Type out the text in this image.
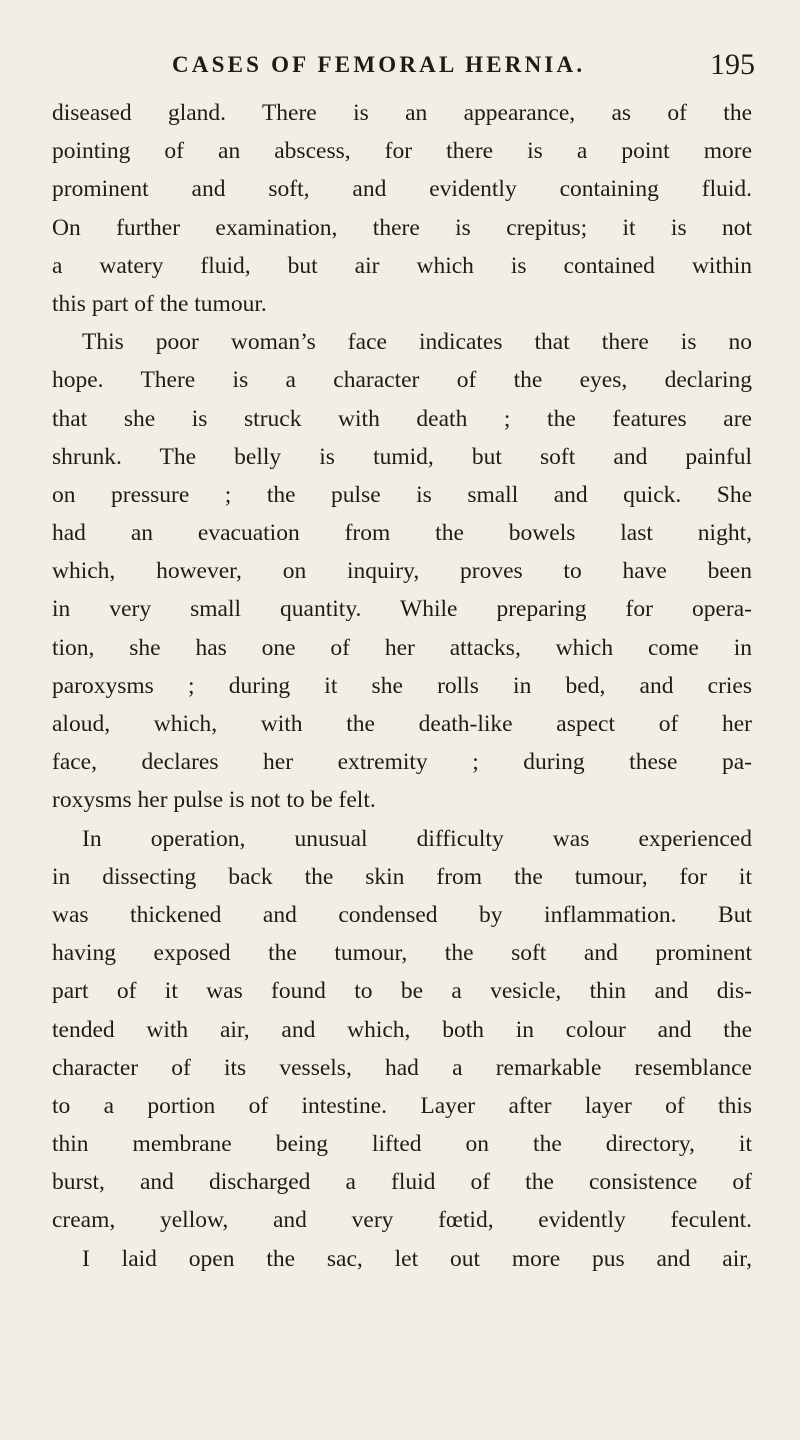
CASES OF FEMORAL HERNIA.	195
diseased gland. There is an appearance, as of the
pointing of an abscess, for there is a point more
prominent and soft, and evidently containing fluid.
On further examination, there is crepitus; it is not
a watery fluid, but air which is contained within
this part of the tumour.
This poor woman’s face indicates that there is no
hope. There is a character of the eyes, declaring
that she is struck with death ; the features are
shrunk. The belly is tumid, but soft and painful
on pressure ; the pulse is small and quick. She
had an evacuation from the bowels last night,
which, however, on inquiry, proves to have been
in very small quantity. While preparing for opera-
tion, she has one of her attacks, which come in
paroxysms ; during it she rolls in bed, and cries
aloud, which, with the death-like aspect of her
face, declares her extremity ; during these pa-
roxysms her pulse is not to be felt.
In operation, unusual difficulty was experienced
in dissecting back the skin from the tumour, for it
was thickened and condensed by inflammation. But
having exposed the tumour, the soft and prominent
part of it was found to be a vesicle, thin and dis-
tended with air, and which, both in colour and the
character of its vessels, had a remarkable resemblance
to a portion of intestine. Layer after layer of this
thin membrane being lifted on the directory, it
burst, and discharged a fluid of the consistence of
cream, yellow, and very fœtid, evidently feculent.
I laid open the sac, let out more pus and air,
